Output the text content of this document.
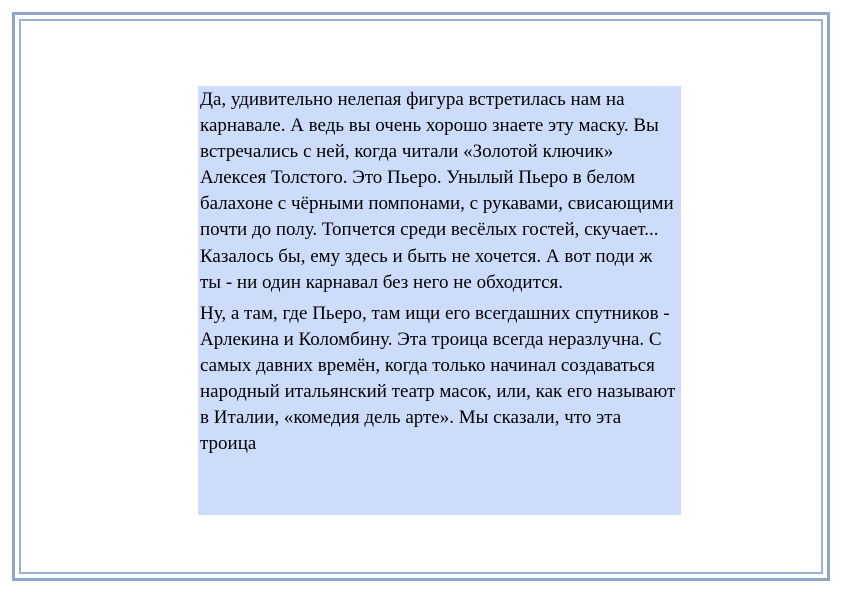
Да, удивительно нелепая фигура встретилась нам на карнавале. А ведь вы очень хорошо знаете эту маску. Вы встречались с ней, когда читали «Золотой ключик» Алексея Толстого. Это Пьеро. Унылый Пьеро в белом балахоне с чёрными помпонами, с рукавами, свисающими почти до полу. Топчется среди весёлых гостей, скучает... Казалось бы, ему здесь и быть не хочется. А вот поди ж ты - ни один карнавал без него не обходится.

Ну, а там, где Пьеро, там ищи его всегдашних спутников - Арлекина и Коломбину. Эта троица всегда неразлучна. С самых давних времён, когда только начинал создаваться народный итальянский театр масок, или, как его называют в Италии, «комедия дель арте». Мы сказали, что эта троица
